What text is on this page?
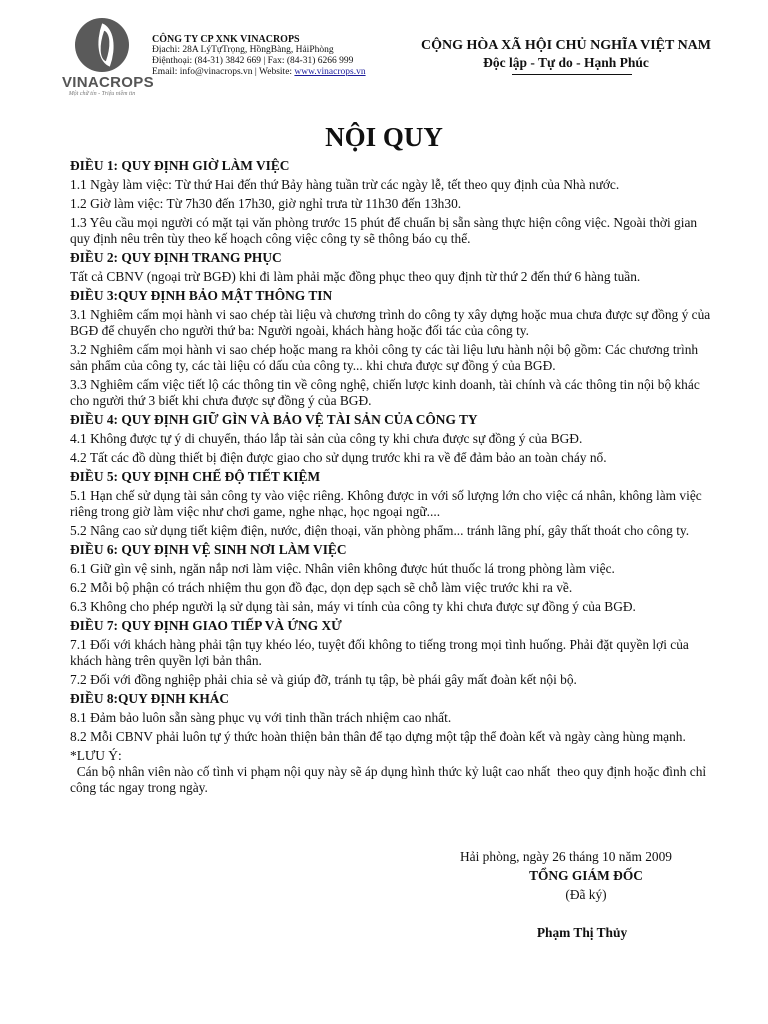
VINACROPS
Một chữ tín - Triệu niềm tin
CÔNG TY CP XNK VINACROPS
Địachi: 28A LýTựTrọng, HồngBàng, HảiPhòng
Điệnthoại: (84-31) 3842 669 | Fax: (84-31) 6266 999
Email: info@vinacrops.vn | Website: www.vinacrops.vn
CỘNG HÒA XÃ HỘI CHỦ NGHĨA VIỆT NAM
Độc lập - Tự do - Hạnh Phúc
NỘI QUY
ĐIỀU 1: QUY ĐỊNH GIỜ LÀM VIỆC

1.1 Ngày làm việc: Từ thứ Hai đến thứ Bảy hàng tuần trừ các ngày lễ, tết theo quy định của Nhà nước.

1.2 Giờ làm việc: Từ 7h30 đến 17h30, giờ nghỉ trưa từ 11h30 đến 13h30.

1.3 Yêu cầu mọi người có mặt tại văn phòng trước 15 phút để chuẩn bị sẵn sàng thực hiện công việc. Ngoài thời gian quy định nêu trên tùy theo kế hoạch công việc công ty sẽ thông báo cụ thể.

ĐIỀU 2: QUY ĐỊNH TRANG PHỤC

Tất cả CBNV (ngoại trừ BGĐ) khi đi làm phải mặc đồng phục theo quy định từ thứ 2 đến thứ 6 hàng tuần.

ĐIỀU 3:QUY ĐỊNH BẢO MẬT THÔNG TIN

3.1 Nghiêm cấm mọi hành vi sao chép tài liệu và chương trình do công ty xây dựng hoặc mua chưa được sự đồng ý của BGĐ để chuyển cho người thứ ba: Người ngoài, khách hàng hoặc đối tác của công ty.

3.2 Nghiêm cấm mọi hành vi sao chép hoặc mang ra khỏi công ty các tài liệu lưu hành nội bộ gồm: Các chương trình sản phẩm của công ty, các tài liệu có dấu của công ty... khi chưa được sự đồng ý của BGĐ.

3.3 Nghiêm cấm việc tiết lộ các thông tin về công nghệ, chiến lược kinh doanh, tài chính và các thông tin nội bộ khác cho người thứ 3 biết khi chưa được sự đồng ý của BGĐ.

ĐIỀU 4: QUY ĐỊNH GIỮ GÌN VÀ BẢO VỆ TÀI SẢN CỦA CÔNG TY

4.1 Không được tự ý di chuyển, tháo lắp tài sản của công ty khi chưa được sự đồng ý của BGĐ.

4.2 Tất các đồ dùng thiết bị điện được giao cho sử dụng trước khi ra về để đảm bảo an toàn cháy nổ.

ĐIỀU 5: QUY ĐỊNH CHẾ ĐỘ TIẾT KIỆM

5.1 Hạn chế sử dụng tài sản công ty vào việc riêng. Không được in với số lượng lớn cho việc cá nhân, không làm việc riêng trong giờ làm việc như chơi game, nghe nhạc, học ngoại ngữ....

5.2 Nâng cao sử dụng tiết kiệm điện, nước, điện thoại, văn phòng phẩm... tránh lãng phí, gây thất thoát cho công ty.

ĐIỀU 6: QUY ĐỊNH VỆ SINH NƠI LÀM VIỆC

6.1 Giữ gìn vệ sinh, ngăn nắp nơi làm việc. Nhân viên không được hút thuốc lá trong phòng làm việc.

6.2 Mỗi bộ phận có trách nhiệm thu gọn đồ đạc, dọn dẹp sạch sẽ chỗ làm việc trước khi ra về.

6.3 Không cho phép người lạ sử dụng tài sản, máy vi tính của công ty khi chưa được sự đồng ý của BGĐ.

ĐIỀU 7: QUY ĐỊNH GIAO TIẾP VÀ ỨNG XỬ

7.1 Đối với khách hàng phải tận tụy khéo léo, tuyệt đối không to tiếng trong mọi tình huống. Phải đặt quyền lợi của khách hàng trên quyền lợi bản thân.

7.2 Đối với đồng nghiệp phải chia sẻ và giúp đỡ, tránh tụ tập, bè phái gây mất đoàn kết nội bộ.

ĐIỀU 8:QUY ĐỊNH KHÁC

8.1 Đảm bảo luôn sẵn sàng phục vụ với tinh thần trách nhiệm cao nhất.

8.2 Mỗi CBNV phải luôn tự ý thức hoàn thiện bản thân để tạo dựng một tập thể đoàn kết và ngày càng hùng mạnh.

*LƯU Ý:
Cán bộ nhân viên nào cố tình vi phạm nội quy này sẽ áp dụng hình thức kỷ luật cao nhất  theo quy định hoặc đình chỉ công tác ngay trong ngày.
Hải phòng, ngày 26 tháng 10 năm 2009
TỔNG GIÁM ĐỐC
(Đã ký)
Phạm Thị Thủy
